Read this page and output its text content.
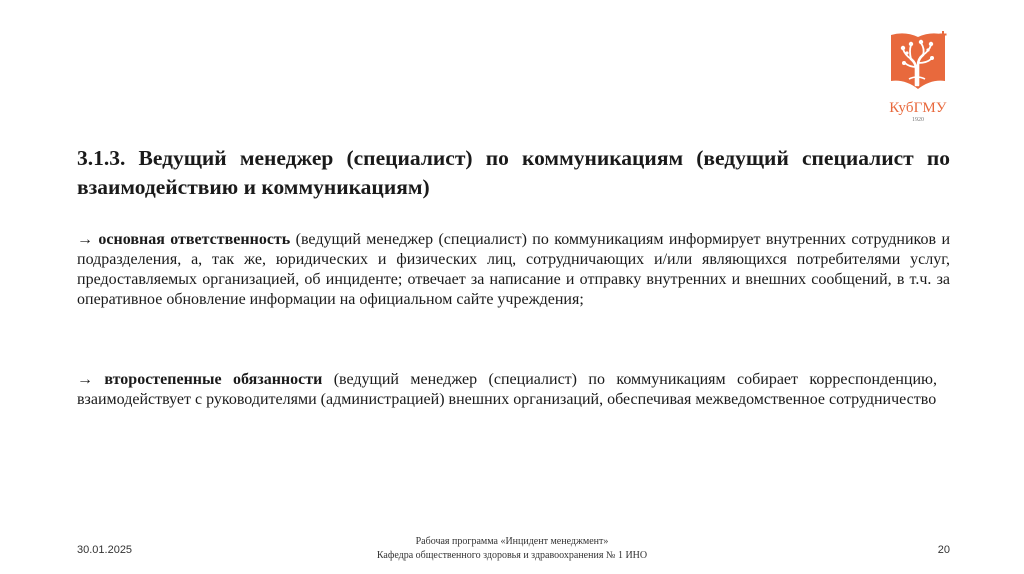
КубГМУ
1920
3.1.3. Ведущий менеджер (специалист) по коммуникациям (ведущий специалист по взаимодействию и коммуникациям)
→ основная ответственность (ведущий менеджер (специалист) по коммуникациям информирует внутренних сотрудников и подразделения, а, так же, юридических и физических лиц, сотрудничающих и/или являющихся потребителями услуг, предоставляемых организацией, об инциденте; отвечает за написание и отправку внутренних и внешних сообщений, в т.ч. за оперативное обновление информации на официальном сайте учреждения;
→ второстепенные обязанности (ведущий менеджер (специалист) по коммуникациям собирает корреспонденцию, взаимодействует с руководителями (администрацией) внешних организаций, обеспечивая межведомственное сотрудничество
30.01.2025
Рабочая программа «Инцидент менеджмент»
Кафедра общественного здоровья и здравоохранения № 1 ИНО	20
